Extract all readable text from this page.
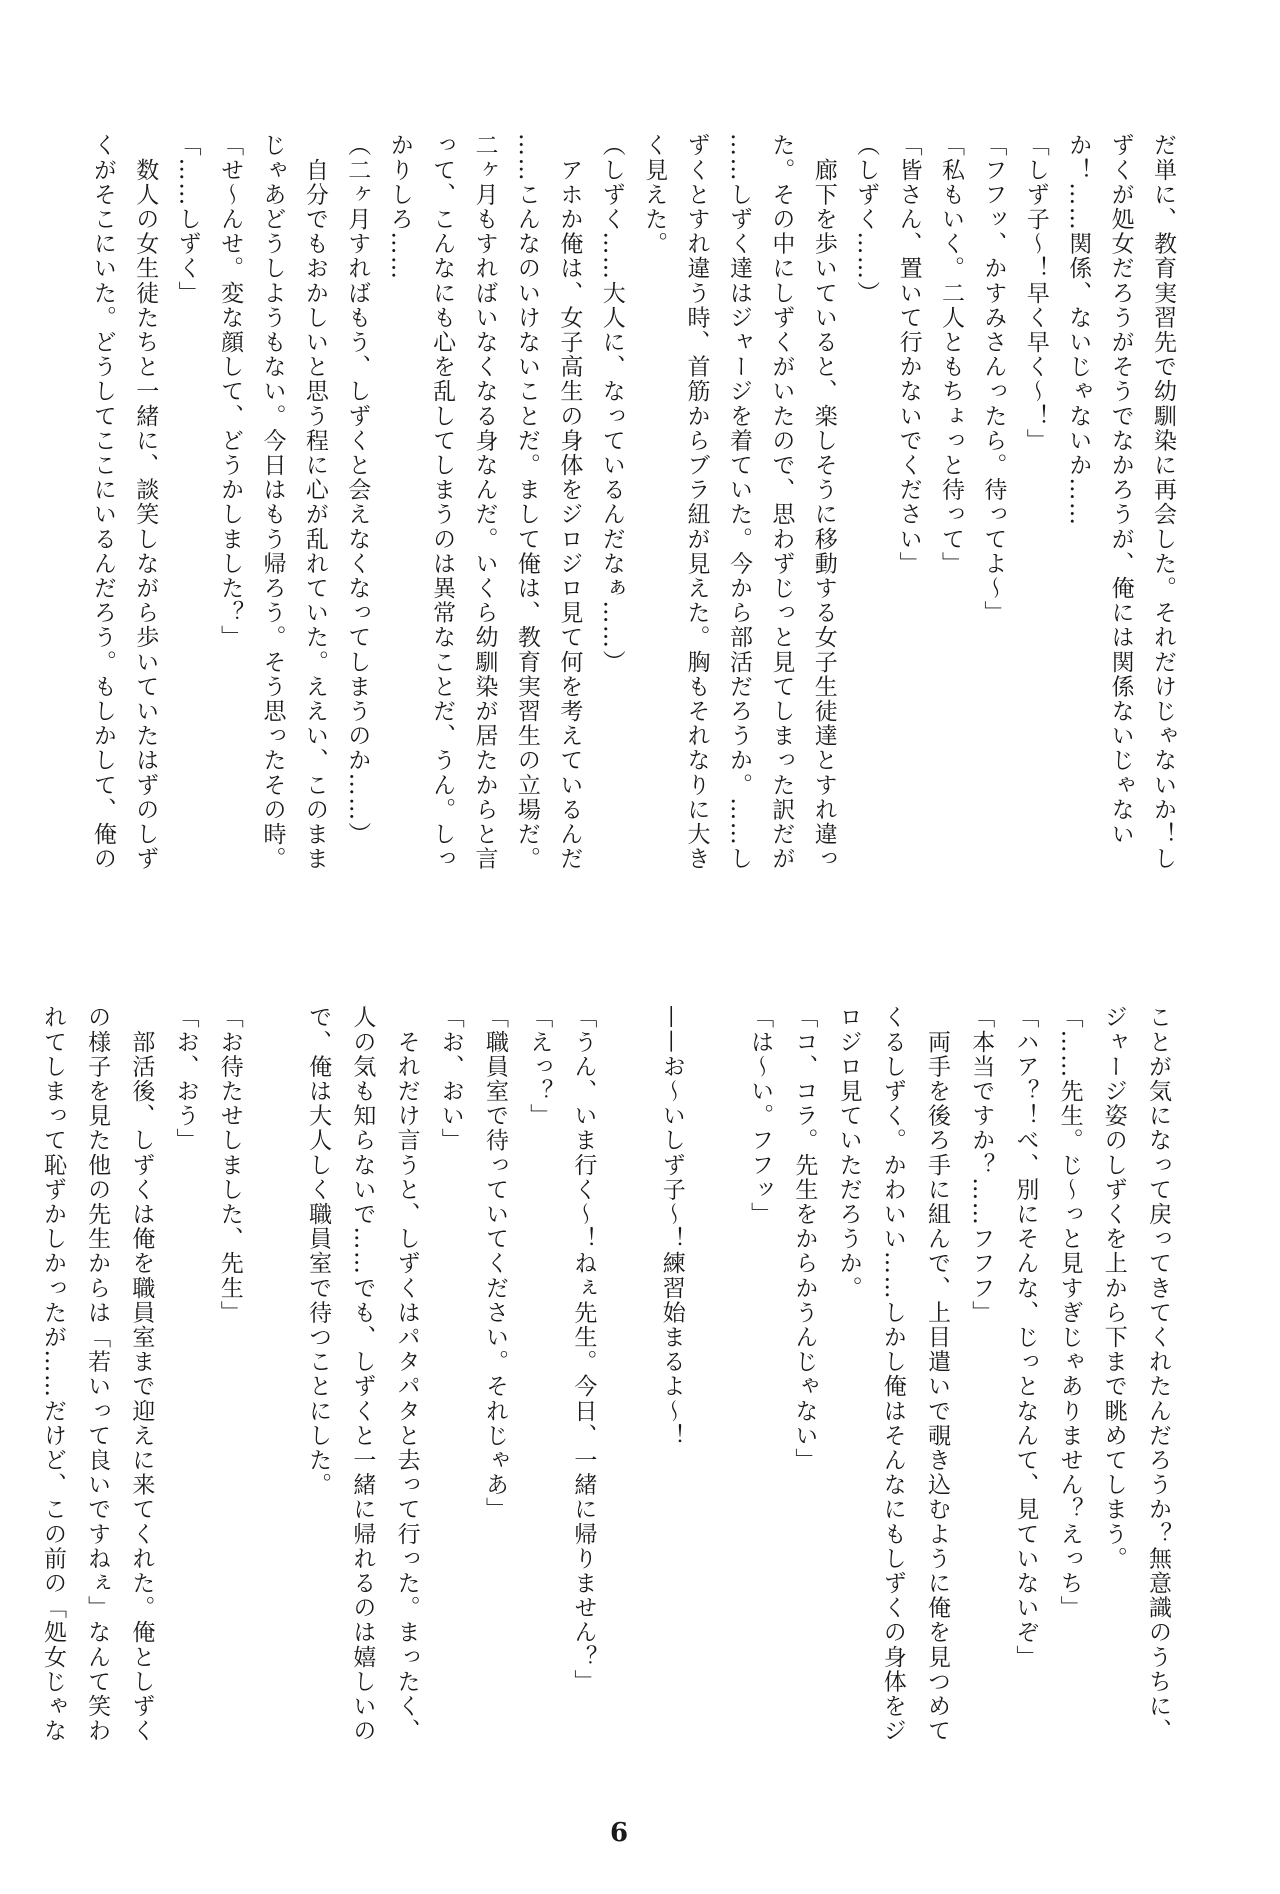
だ単に、教育実習先で幼馴染に再会した。それだけじゃないか！し
ずくが処女だろうがそうでなかろうが、俺には関係ないじゃない
か！……関係、ないじゃないか……
「しず子～！早く早く～！」
「フフッ、かすみさんったら。待ってよ～」
「私もいく。二人ともちょっと待って」
「皆さん、置いて行かないでください」
（しずく……）
　廊下を歩いていると、楽しそうに移動する女子生徒達とすれ違っ
た。その中にしずくがいたので、思わずじっと見てしまった訳だが
……しずく達はジャージを着ていた。今から部活だろうか。……し
ずくとすれ違う時、首筋からブラ紐が見えた。胸もそれなりに大き
く見えた。
（しずく……大人に、なっているんだなぁ……）
　アホか俺は、女子高生の身体をジロジロ見て何を考えているんだ
……こんなのいけないことだ。まして俺は、教育実習生の立場だ。
二ヶ月もすればいなくなる身なんだ。いくら幼馴染が居たからと言
って、こんなにも心を乱してしまうのは異常なことだ、うん。しっ
かりしろ……
（二ヶ月すればもう、しずくと会えなくなってしまうのか……）
　自分でもおかしいと思う程に心が乱れていた。ええい、このまま
じゃあどうしようもない。今日はもう帰ろう。そう思ったその時。
「せ～んせ。変な顔して、どうかしました？」
「……しずく」
　数人の女生徒たちと一緒に、談笑しながら歩いていたはずのしず
くがそこにいた。どうしてここにいるんだろう。もしかして、俺の
ことが気になって戻ってきてくれたんだろうか？無意識のうちに、
ジャージ姿のしずくを上から下まで眺めてしまう。
「……先生。じ～っと見すぎじゃありません？えっち」
「ハア？！べ、別にそんな、じっとなんて、見ていないぞ」
「本当ですか？……フフフ」
　両手を後ろ手に組んで、上目遣いで覗き込むように俺を見つめて
くるしずく。かわいい……しかし俺はそんなにもしずくの身体をジ
ロジロ見ていただろうか。
「コ、コラ。先生をからかうんじゃない」
「は～い。フフッ」
——お～いしず子～！練習始まるよ～！
「うん、いま行く～！ねぇ先生。今日、一緒に帰りません？」
「えっ？」
「職員室で待っていてください。それじゃあ」
「お、おい」
　それだけ言うと、しずくはパタパタと去って行った。まったく、
人の気も知らないで……でも、しずくと一緒に帰れるのは嬉しいの
で、俺は大人しく職員室で待つことにした。
「お待たせしました、先生」
「お、おう」
　部活後、しずくは俺を職員室まで迎えに来てくれた。俺としずく
の様子を見た他の先生からは「若いって良いですねぇ」なんて笑わ
れてしまって恥ずかしかったが……だけど、この前の「処女じゃな
6
